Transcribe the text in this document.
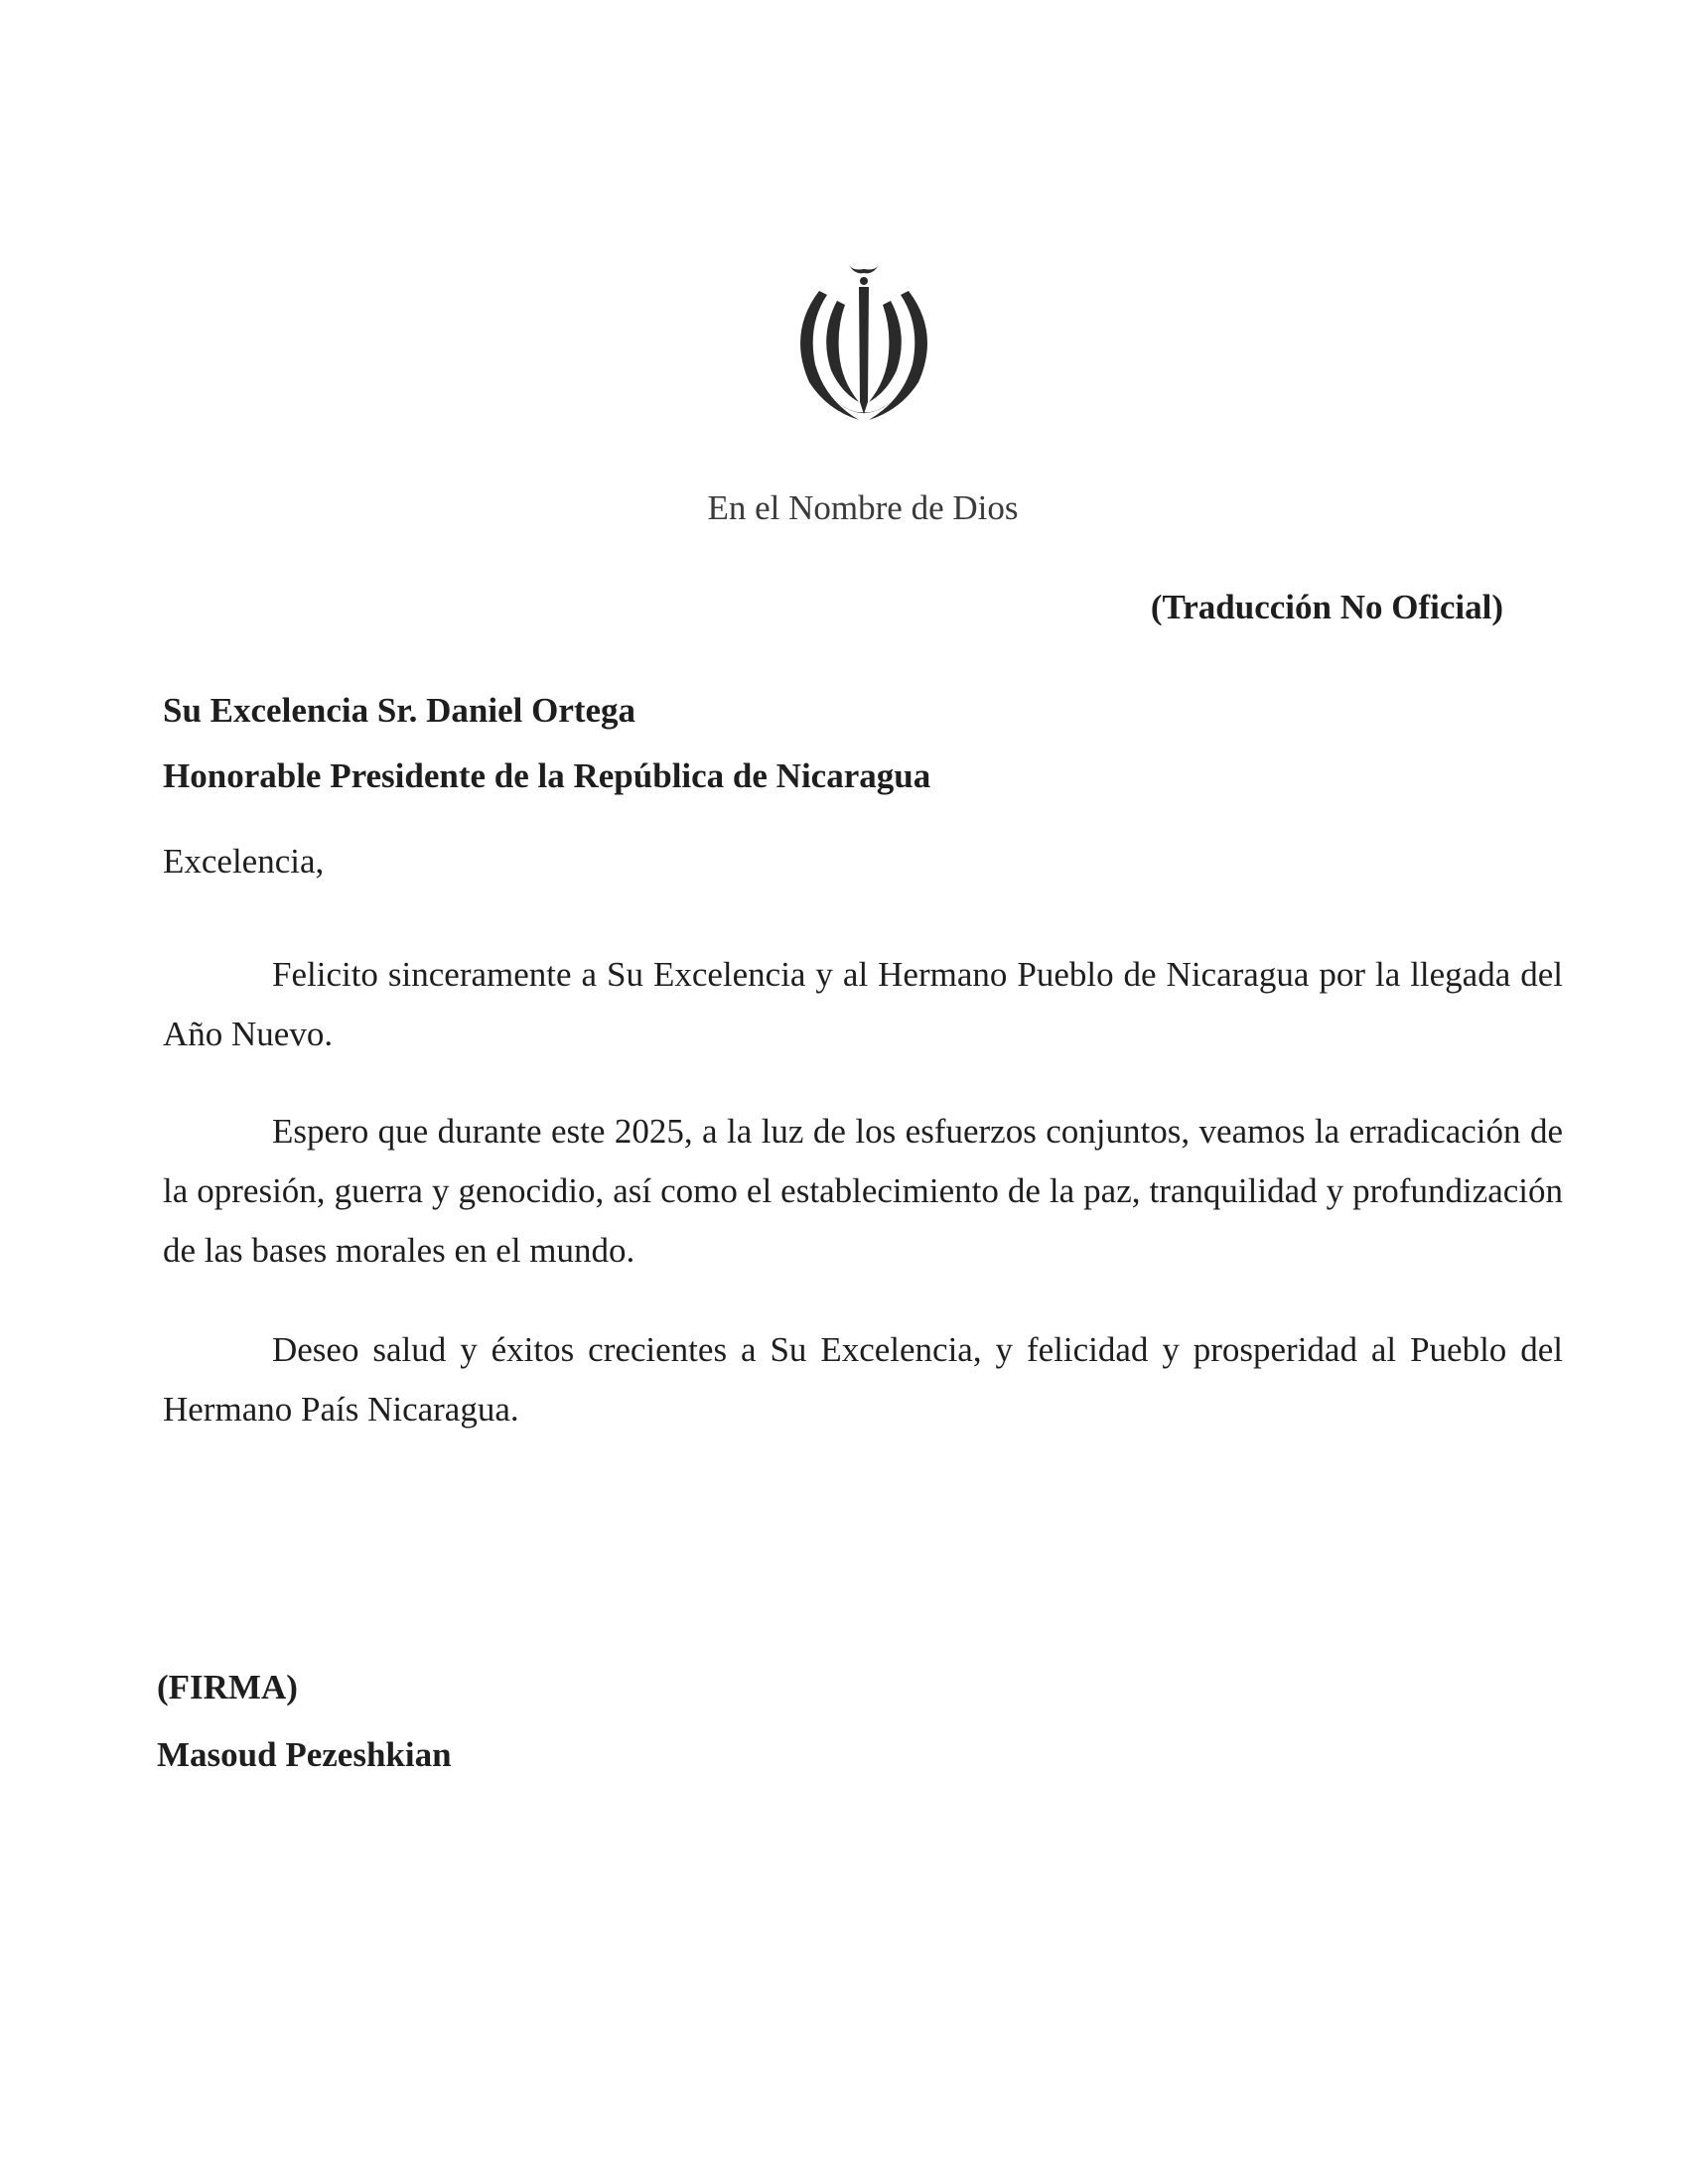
En el Nombre de Dios
(Traducción No Oficial)
Su Excelencia Sr. Daniel Ortega
Honorable Presidente de la República de Nicaragua
Excelencia,

Felicito sinceramente a Su Excelencia y al Hermano Pueblo de Nicaragua por la llegada del Año Nuevo.

Espero que durante este 2025, a la luz de los esfuerzos conjuntos, veamos la erradicación de la opresión, guerra y genocidio, así como el establecimiento de la paz, tranquilidad y profundización de las bases morales en el mundo.

Deseo salud y éxitos crecientes a Su Excelencia, y felicidad y prosperidad al Pueblo del Hermano País Nicaragua.

(FIRMA)
Masoud Pezeshkian
